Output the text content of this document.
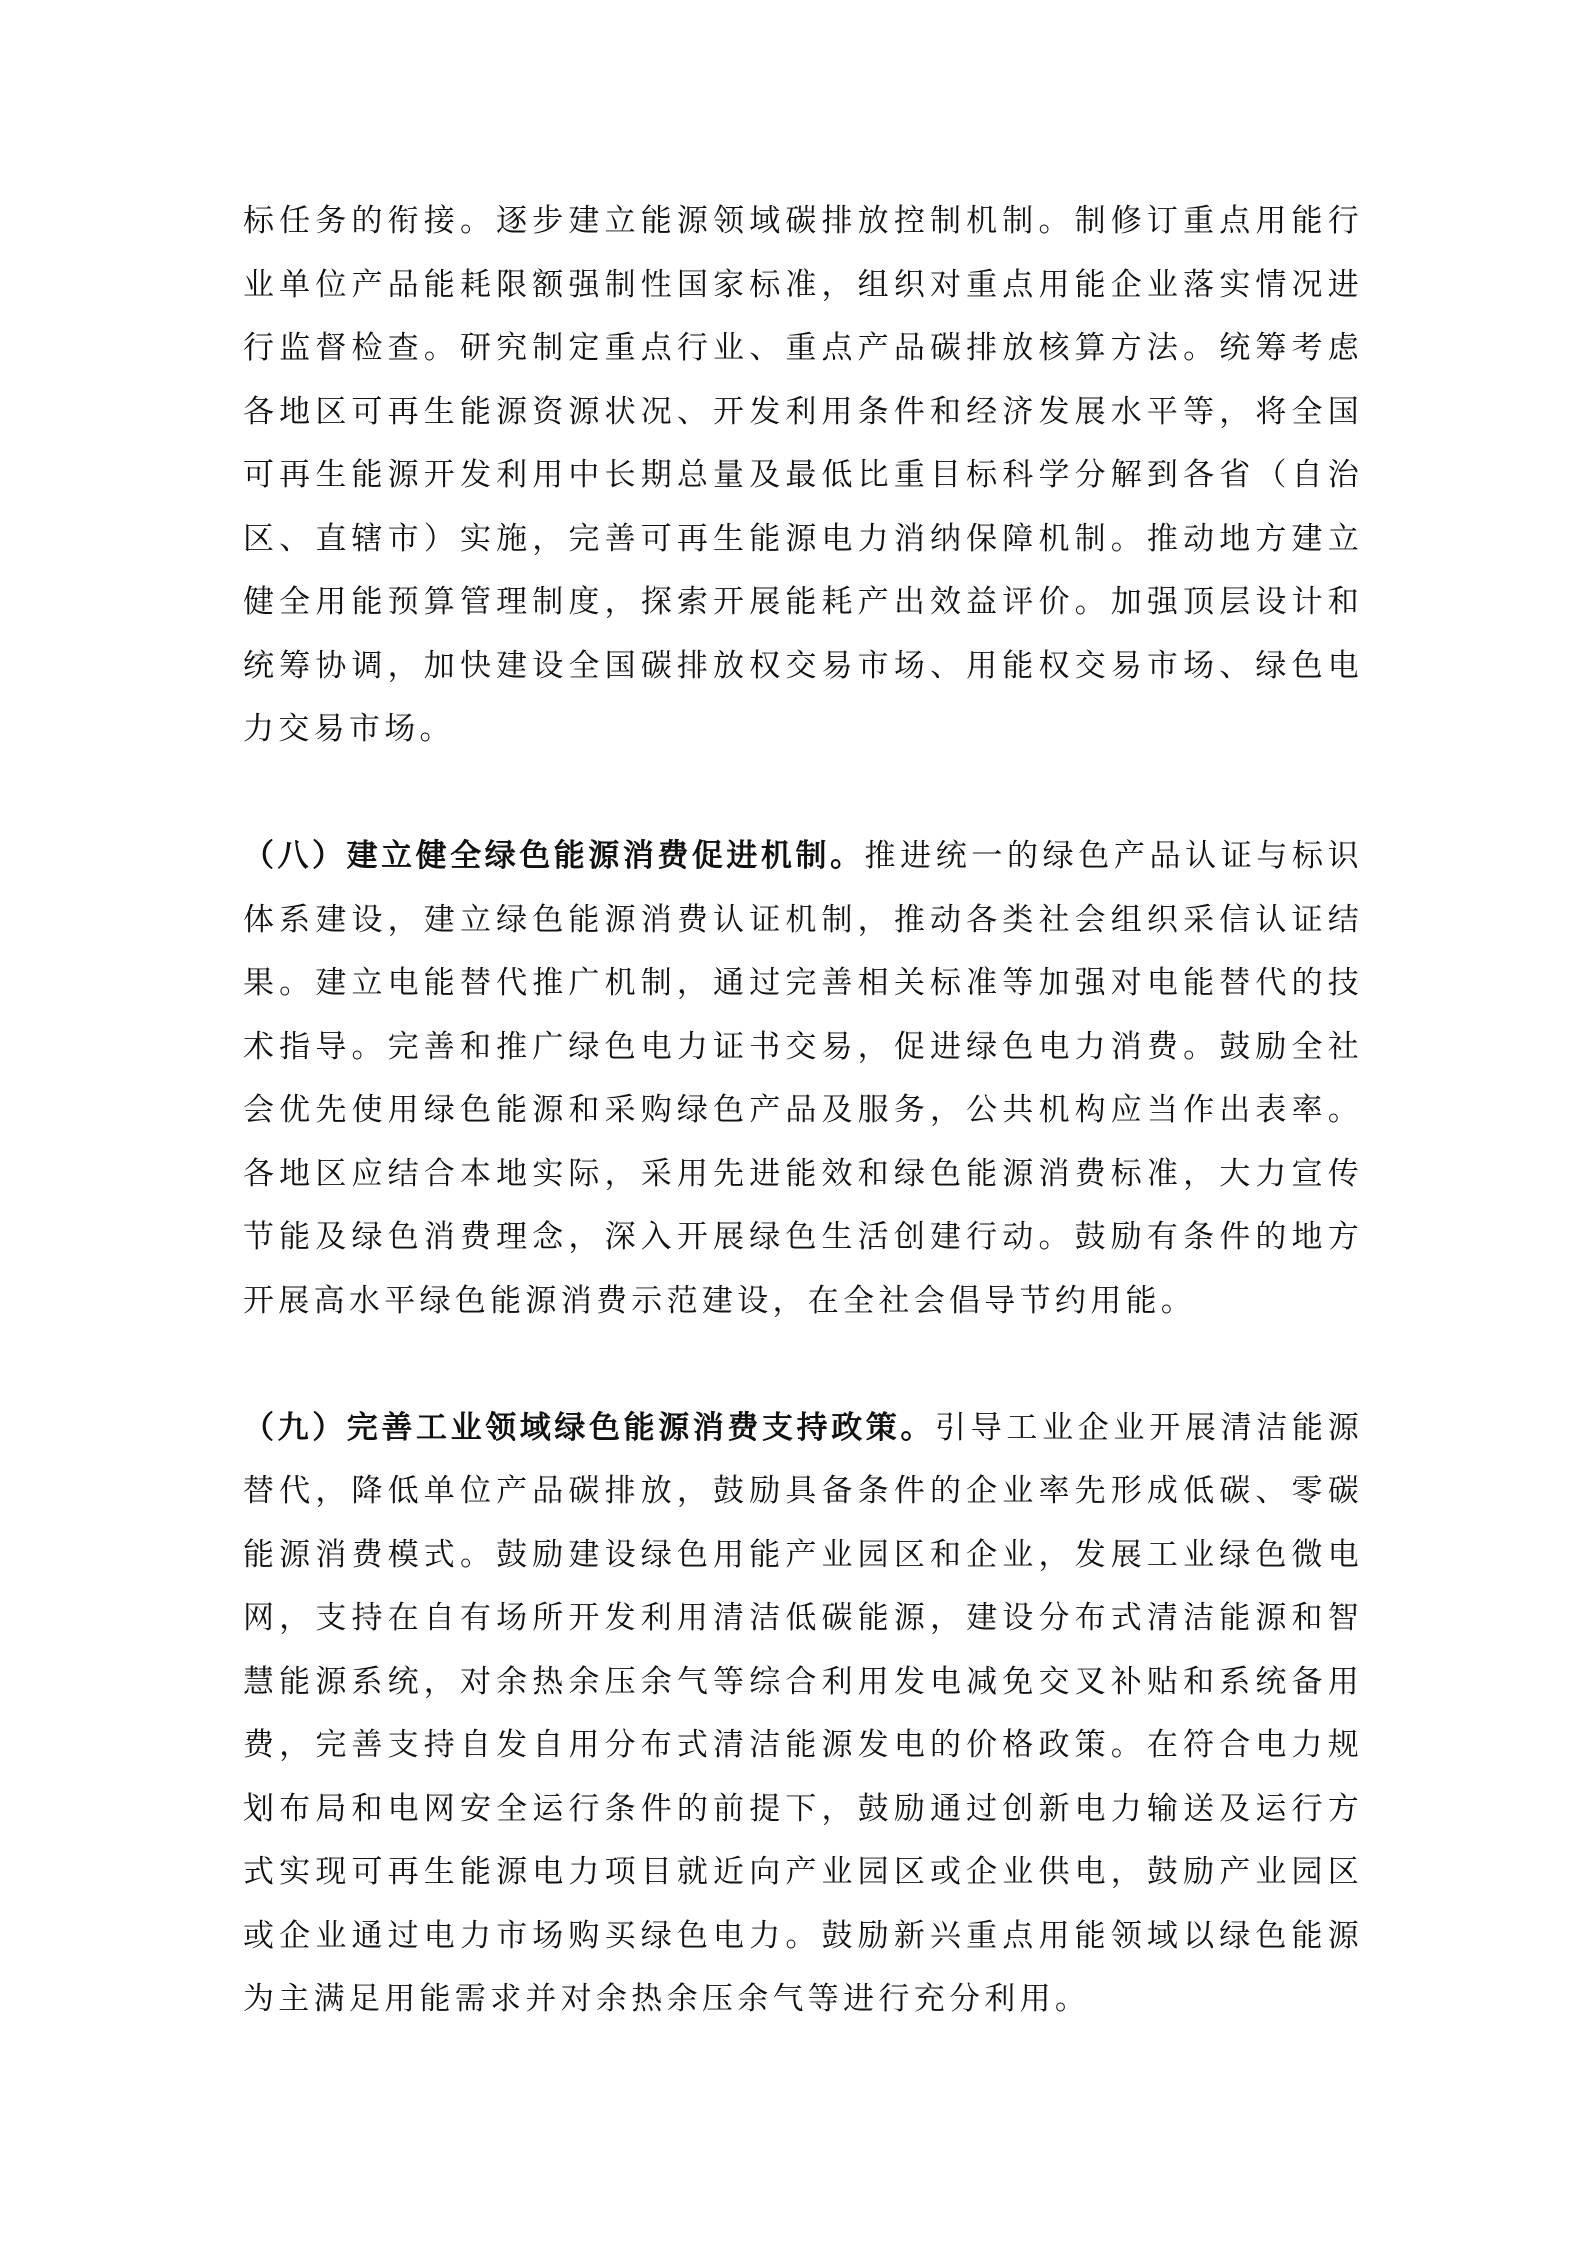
标任务的衔接。逐步建立能源领域碳排放控制机制。制修订重点用能行业单位产品能耗限额强制性国家标准，组织对重点用能企业落实情况进行监督检查。研究制定重点行业、重点产品碳排放核算方法。统筹考虑各地区可再生能源资源状况、开发利用条件和经济发展水平等，将全国可再生能源开发利用中长期总量及最低比重目标科学分解到各省（自治区、直辖市）实施，完善可再生能源电力消纳保障机制。推动地方建立健全用能预算管理制度，探索开展能耗产出效益评价。加强顶层设计和统筹协调，加快建设全国碳排放权交易市场、用能权交易市场、绿色电力交易市场。

（八）建立健全绿色能源消费促进机制。推进统一的绿色产品认证与标识体系建设，建立绿色能源消费认证机制，推动各类社会组织采信认证结果。建立电能替代推广机制，通过完善相关标准等加强对电能替代的技术指导。完善和推广绿色电力证书交易，促进绿色电力消费。鼓励全社会优先使用绿色能源和采购绿色产品及服务，公共机构应当作出表率。各地区应结合本地实际，采用先进能效和绿色能源消费标准，大力宣传节能及绿色消费理念，深入开展绿色生活创建行动。鼓励有条件的地方开展高水平绿色能源消费示范建设，在全社会倡导节约用能。

（九）完善工业领域绿色能源消费支持政策。引导工业企业开展清洁能源替代，降低单位产品碳排放，鼓励具备条件的企业率先形成低碳、零碳能源消费模式。鼓励建设绿色用能产业园区和企业，发展工业绿色微电网，支持在自有场所开发利用清洁低碳能源，建设分布式清洁能源和智慧能源系统，对余热余压余气等综合利用发电减免交叉补贴和系统备用费，完善支持自发自用分布式清洁能源发电的价格政策。在符合电力规划布局和电网安全运行条件的前提下，鼓励通过创新电力输送及运行方式实现可再生能源电力项目就近向产业园区或企业供电，鼓励产业园区或企业通过电力市场购买绿色电力。鼓励新兴重点用能领域以绿色能源为主满足用能需求并对余热余压余气等进行充分利用。
